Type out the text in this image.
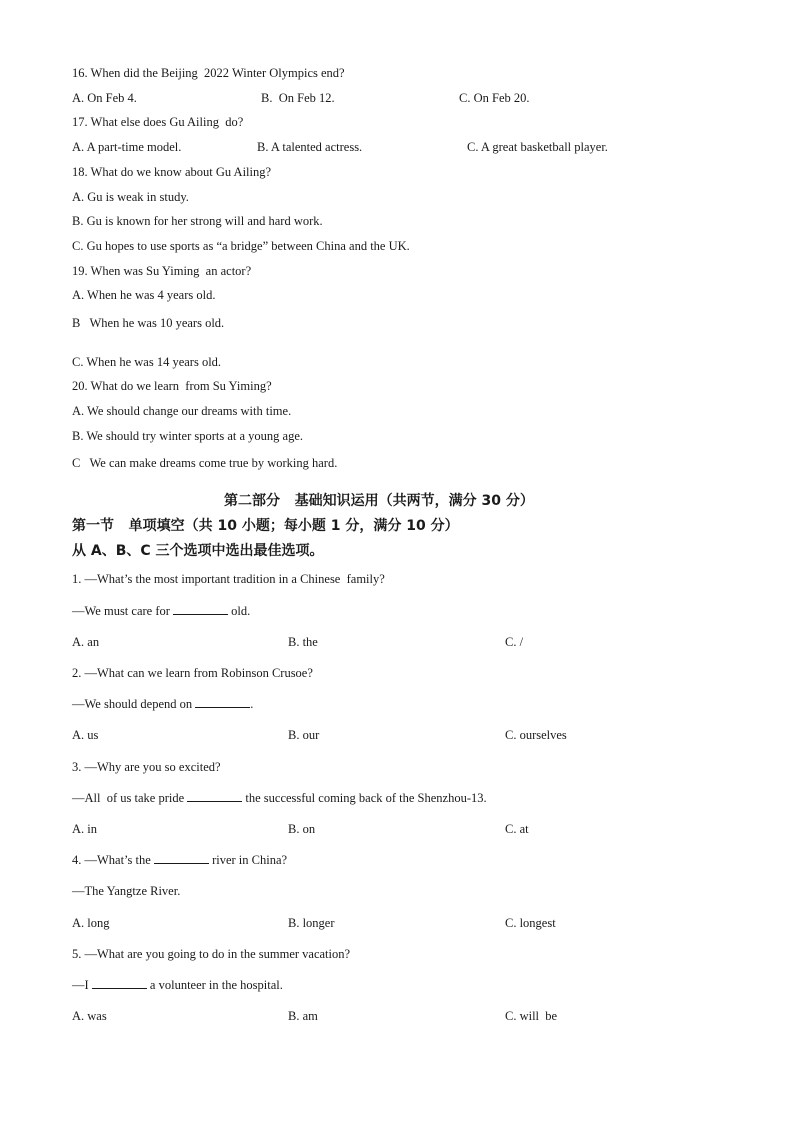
16. When did the Beijing  2022 Winter Olympics end?
A. On Feb 4.	B.  On Feb 12.	C. On Feb 20.
17. What else does Gu Ailing  do?
A. A part-time model.	B. A talented actress.	C. A great basketball player.
18. What do we know about Gu Ailing?
A. Gu is weak in study.
B. Gu is known for her strong will and hard work.
C. Gu hopes to use sports as “a bridge” between China and the UK.
19. When was Su Yiming  an actor?
A. When he was 4 years old.
B   When he was 10 years old.
C. When he was 14 years old.
20. What do we learn  from Su Yiming?
A. We should change our dreams with time.
B. We should try winter sports at a young age.
C   We can make dreams come true by working hard.
第二部分   基础知识运用（共两节，满分 30 分）
第一节   单项填空（共 10 小题；每小题 1 分，满分 10 分）
从 A、B、C 三个选项中选出最佳选项。
1. —What’s the most important tradition in a Chinese  family?
—We must care for	old.
A. an	B. the	C. /
2. —What can we learn from Robinson Crusoe?
—We should depend on	.
A. us	B. our	C. ourselves
3. —Why are you so excited?
—All  of us take pride	the successful coming back of the Shenzhou-13.
A. in	B. on	C. at
4. —What’s the	river in China?
—The Yangtze River.
A. long	B. longer	C. longest
5. —What are you going to do in the summer vacation?
—I	a volunteer in the hospital.
A. was	B. am	C. will  be
